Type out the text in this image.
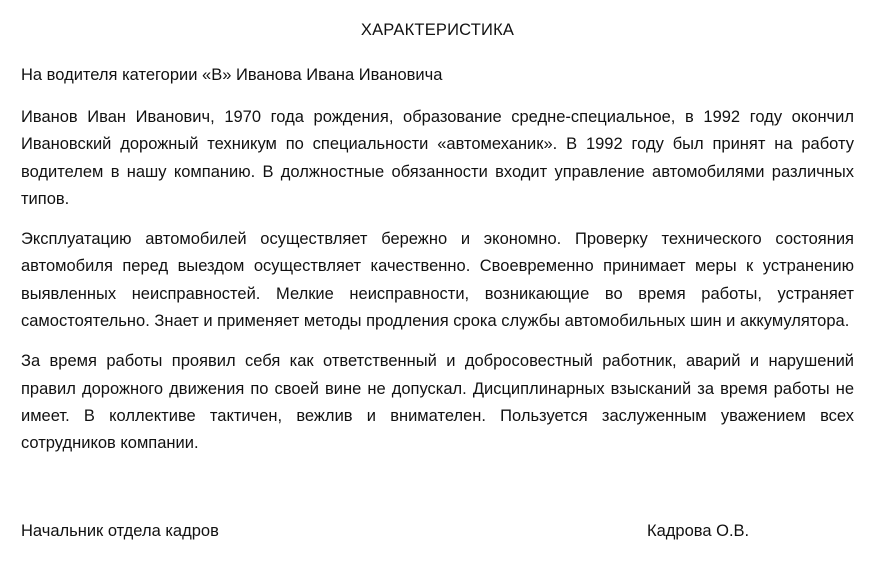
ХАРАКТЕРИСТИКА
На водителя категории «В» Иванова Ивана Ивановича

Иванов Иван Иванович, 1970 года рождения, образование средне-специальное, в 1992 году окончил Ивановский дорожный техникум по специальности «автомеханик». В 1992 году был принят на работу водителем в нашу компанию. В должностные обязанности входит управление автомобилями различных типов.

Эксплуатацию автомобилей осуществляет бережно и экономно. Проверку технического состояния автомобиля перед выездом осуществляет качественно. Своевременно принимает меры к устранению выявленных неисправностей. Мелкие неисправности, возникающие во время работы, устраняет самостоятельно. Знает и применяет методы продления срока службы автомобильных шин и аккумулятора.

За время работы проявил себя как ответственный и добросовестный работник, аварий и нарушений правил дорожного движения по своей вине не допускал. Дисциплинарных взысканий за время работы не имеет. В коллективе тактичен, вежлив и внимателен. Пользуется заслуженным уважением всех сотрудников компании.

Начальник отдела кадров	Кадрова О.В.
